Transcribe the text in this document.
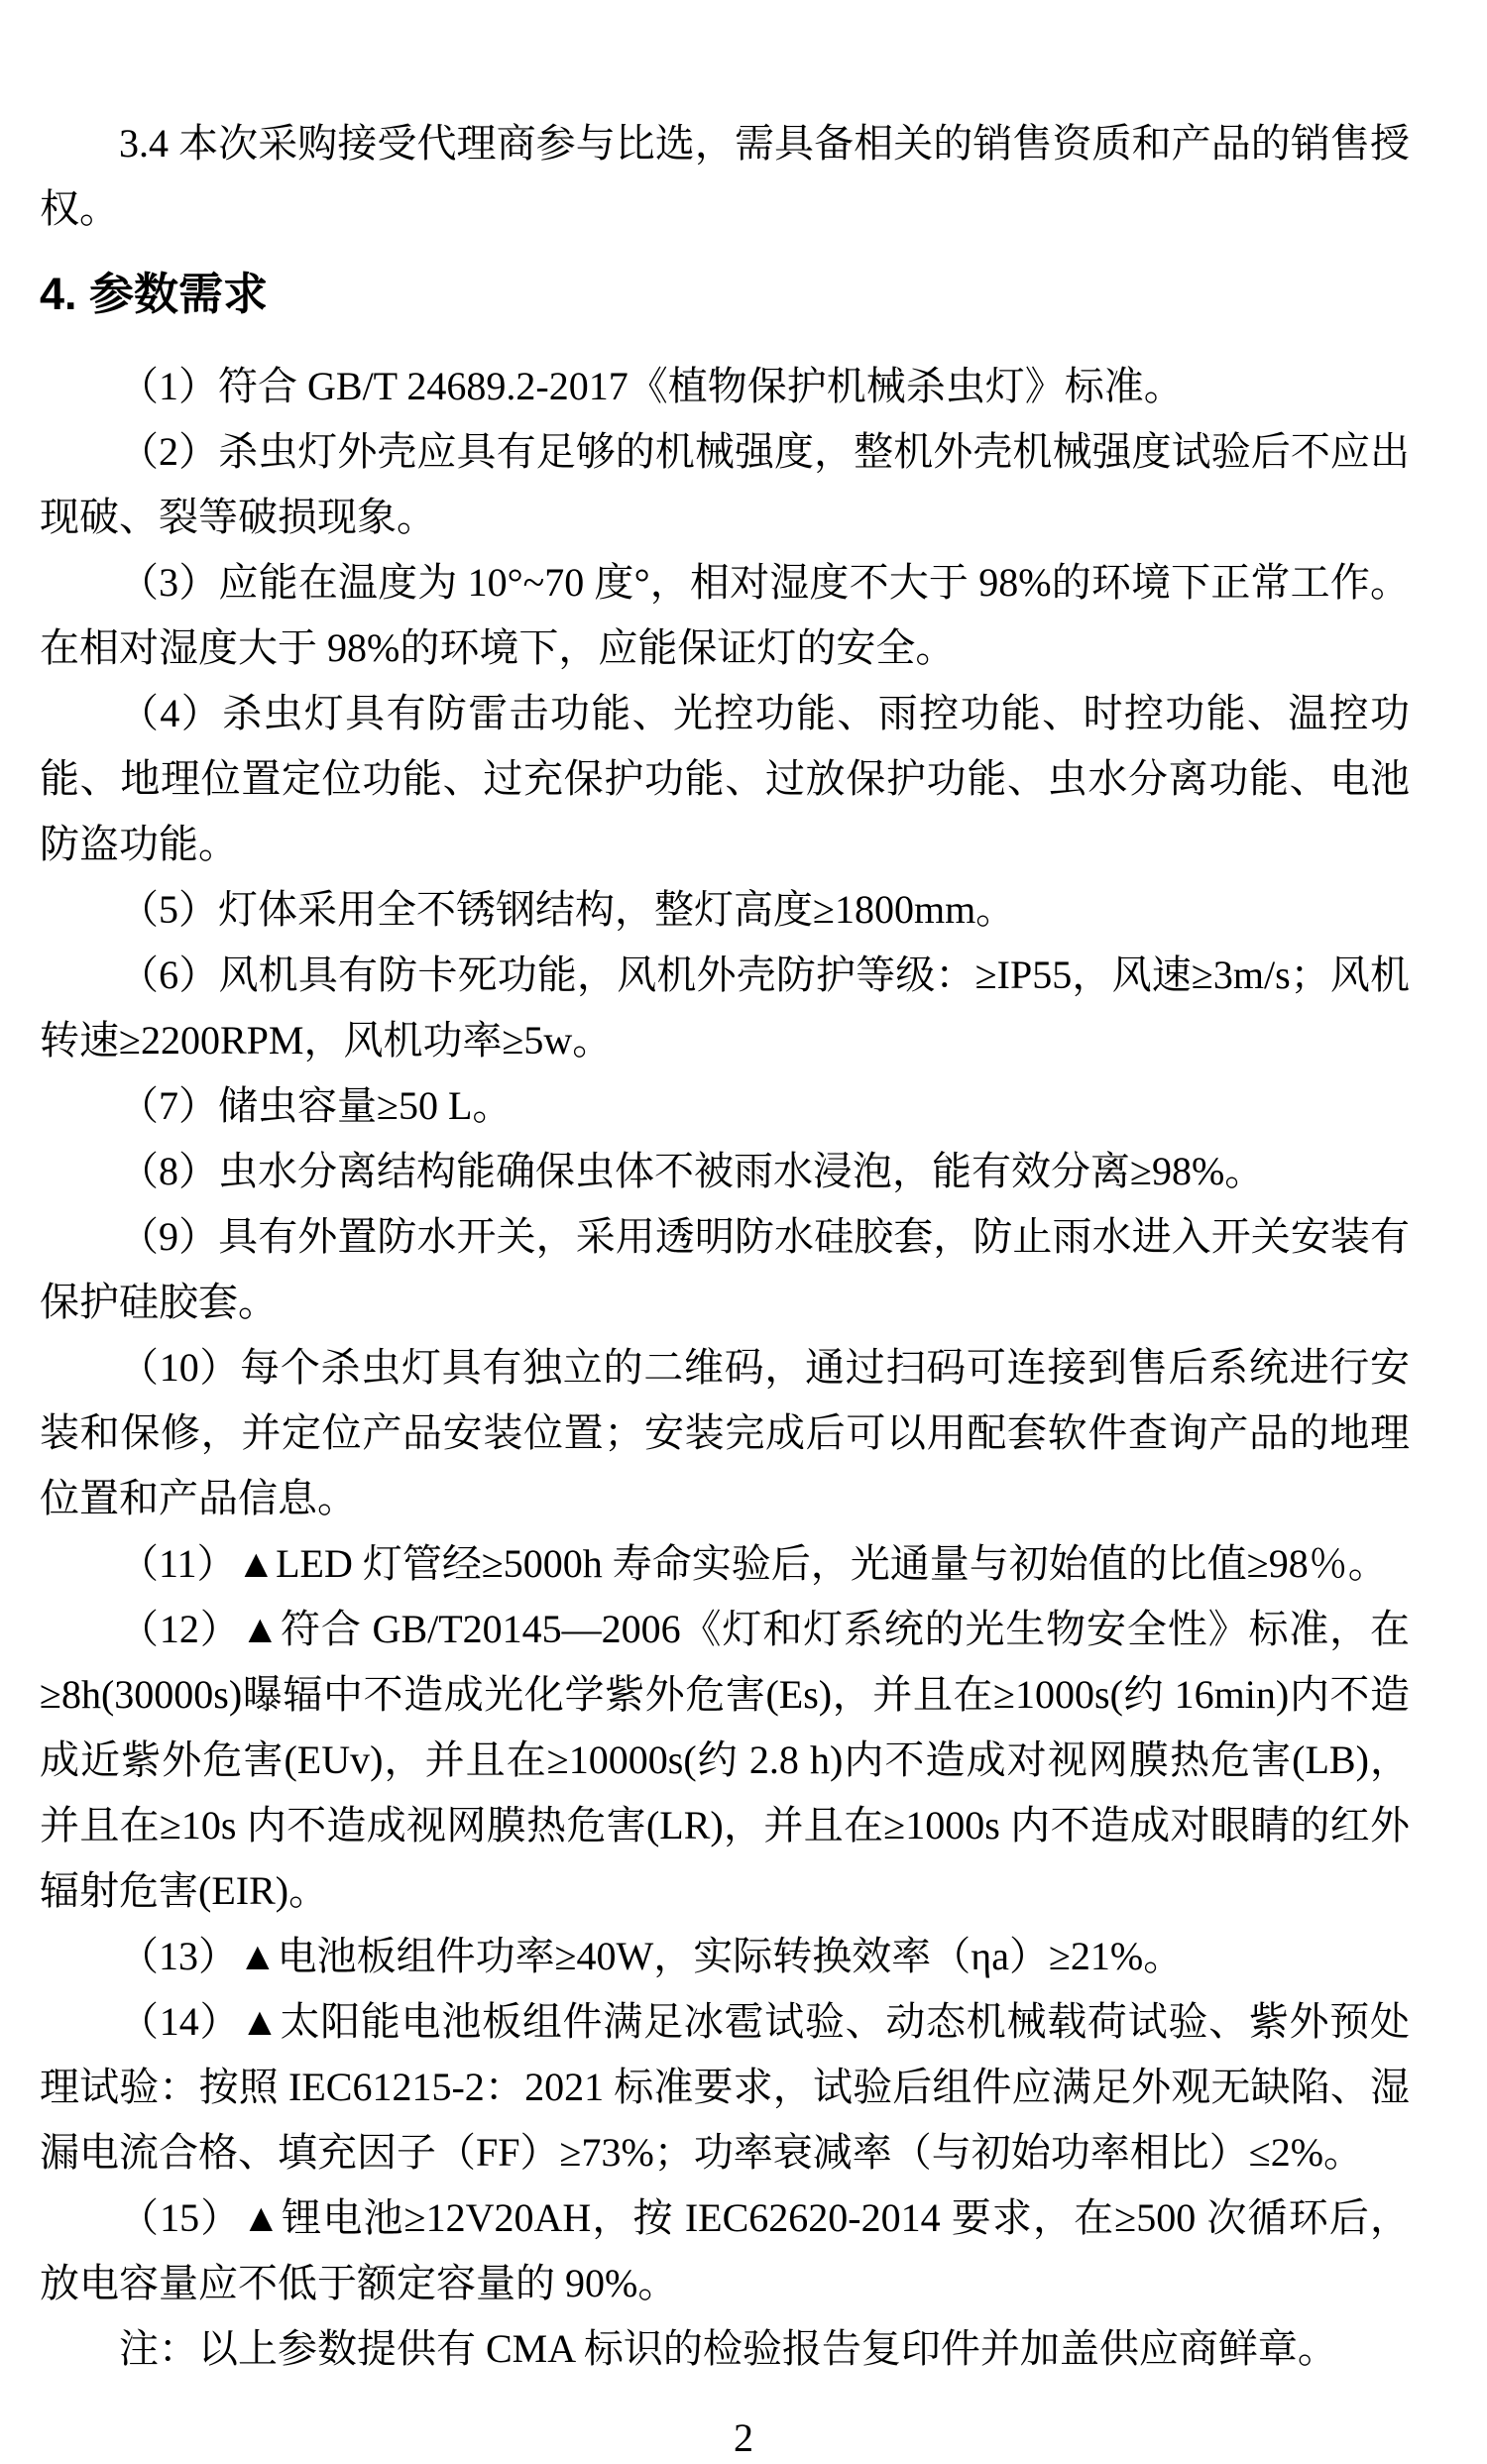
3.4 本次采购接受代理商参与比选，需具备相关的销售资质和产品的销售授权。

4. 参数需求

（1）符合 GB/T 24689.2-2017《植物保护机械杀虫灯》标准。

（2）杀虫灯外壳应具有足够的机械强度，整机外壳机械强度试验后不应出现破、裂等破损现象。

（3）应能在温度为 10°~70 度°，相对湿度不大于 98%的环境下正常工作。在相对湿度大于 98%的环境下，应能保证灯的安全。

（4）杀虫灯具有防雷击功能、光控功能、雨控功能、时控功能、温控功能、地理位置定位功能、过充保护功能、过放保护功能、虫水分离功能、电池防盗功能。

（5）灯体采用全不锈钢结构，整灯高度≥1800mm。

（6）风机具有防卡死功能，风机外壳防护等级：≥IP55，风速≥3m/s；风机转速≥2200RPM，风机功率≥5w。

（7）储虫容量≥50 L。

（8）虫水分离结构能确保虫体不被雨水浸泡，能有效分离≥98%。

（9）具有外置防水开关，采用透明防水硅胶套，防止雨水进入开关安装有保护硅胶套。

（10）每个杀虫灯具有独立的二维码，通过扫码可连接到售后系统进行安装和保修，并定位产品安装位置；安装完成后可以用配套软件查询产品的地理位置和产品信息。

（11）▲LED 灯管经≥5000h 寿命实验后，光通量与初始值的比值≥98％。

（12）▲符合 GB/T20145—2006《灯和灯系统的光生物安全性》标准，在≥8h(30000s)曝辐中不造成光化学紫外危害(Es)，并且在≥1000s(约 16min)内不造成近紫外危害(EUv)，并且在≥10000s(约 2.8 h)内不造成对视网膜热危害(LB)，并且在≥10s 内不造成视网膜热危害(LR)，并且在≥1000s 内不造成对眼睛的红外辐射危害(EIR)。

（13）▲电池板组件功率≥40W，实际转换效率（ηa）≥21%。

（14）▲太阳能电池板组件满足冰雹试验、动态机械载荷试验、紫外预处理试验：按照 IEC61215-2：2021 标准要求，试验后组件应满足外观无缺陷、湿漏电流合格、填充因子（FF）≥73%；功率衰减率（与初始功率相比）≤2%。

（15）▲锂电池≥12V20AH，按 IEC62620-2014 要求，在≥500 次循环后，放电容量应不低于额定容量的 90%。

注：以上参数提供有 CMA 标识的检验报告复印件并加盖供应商鲜章。

2
